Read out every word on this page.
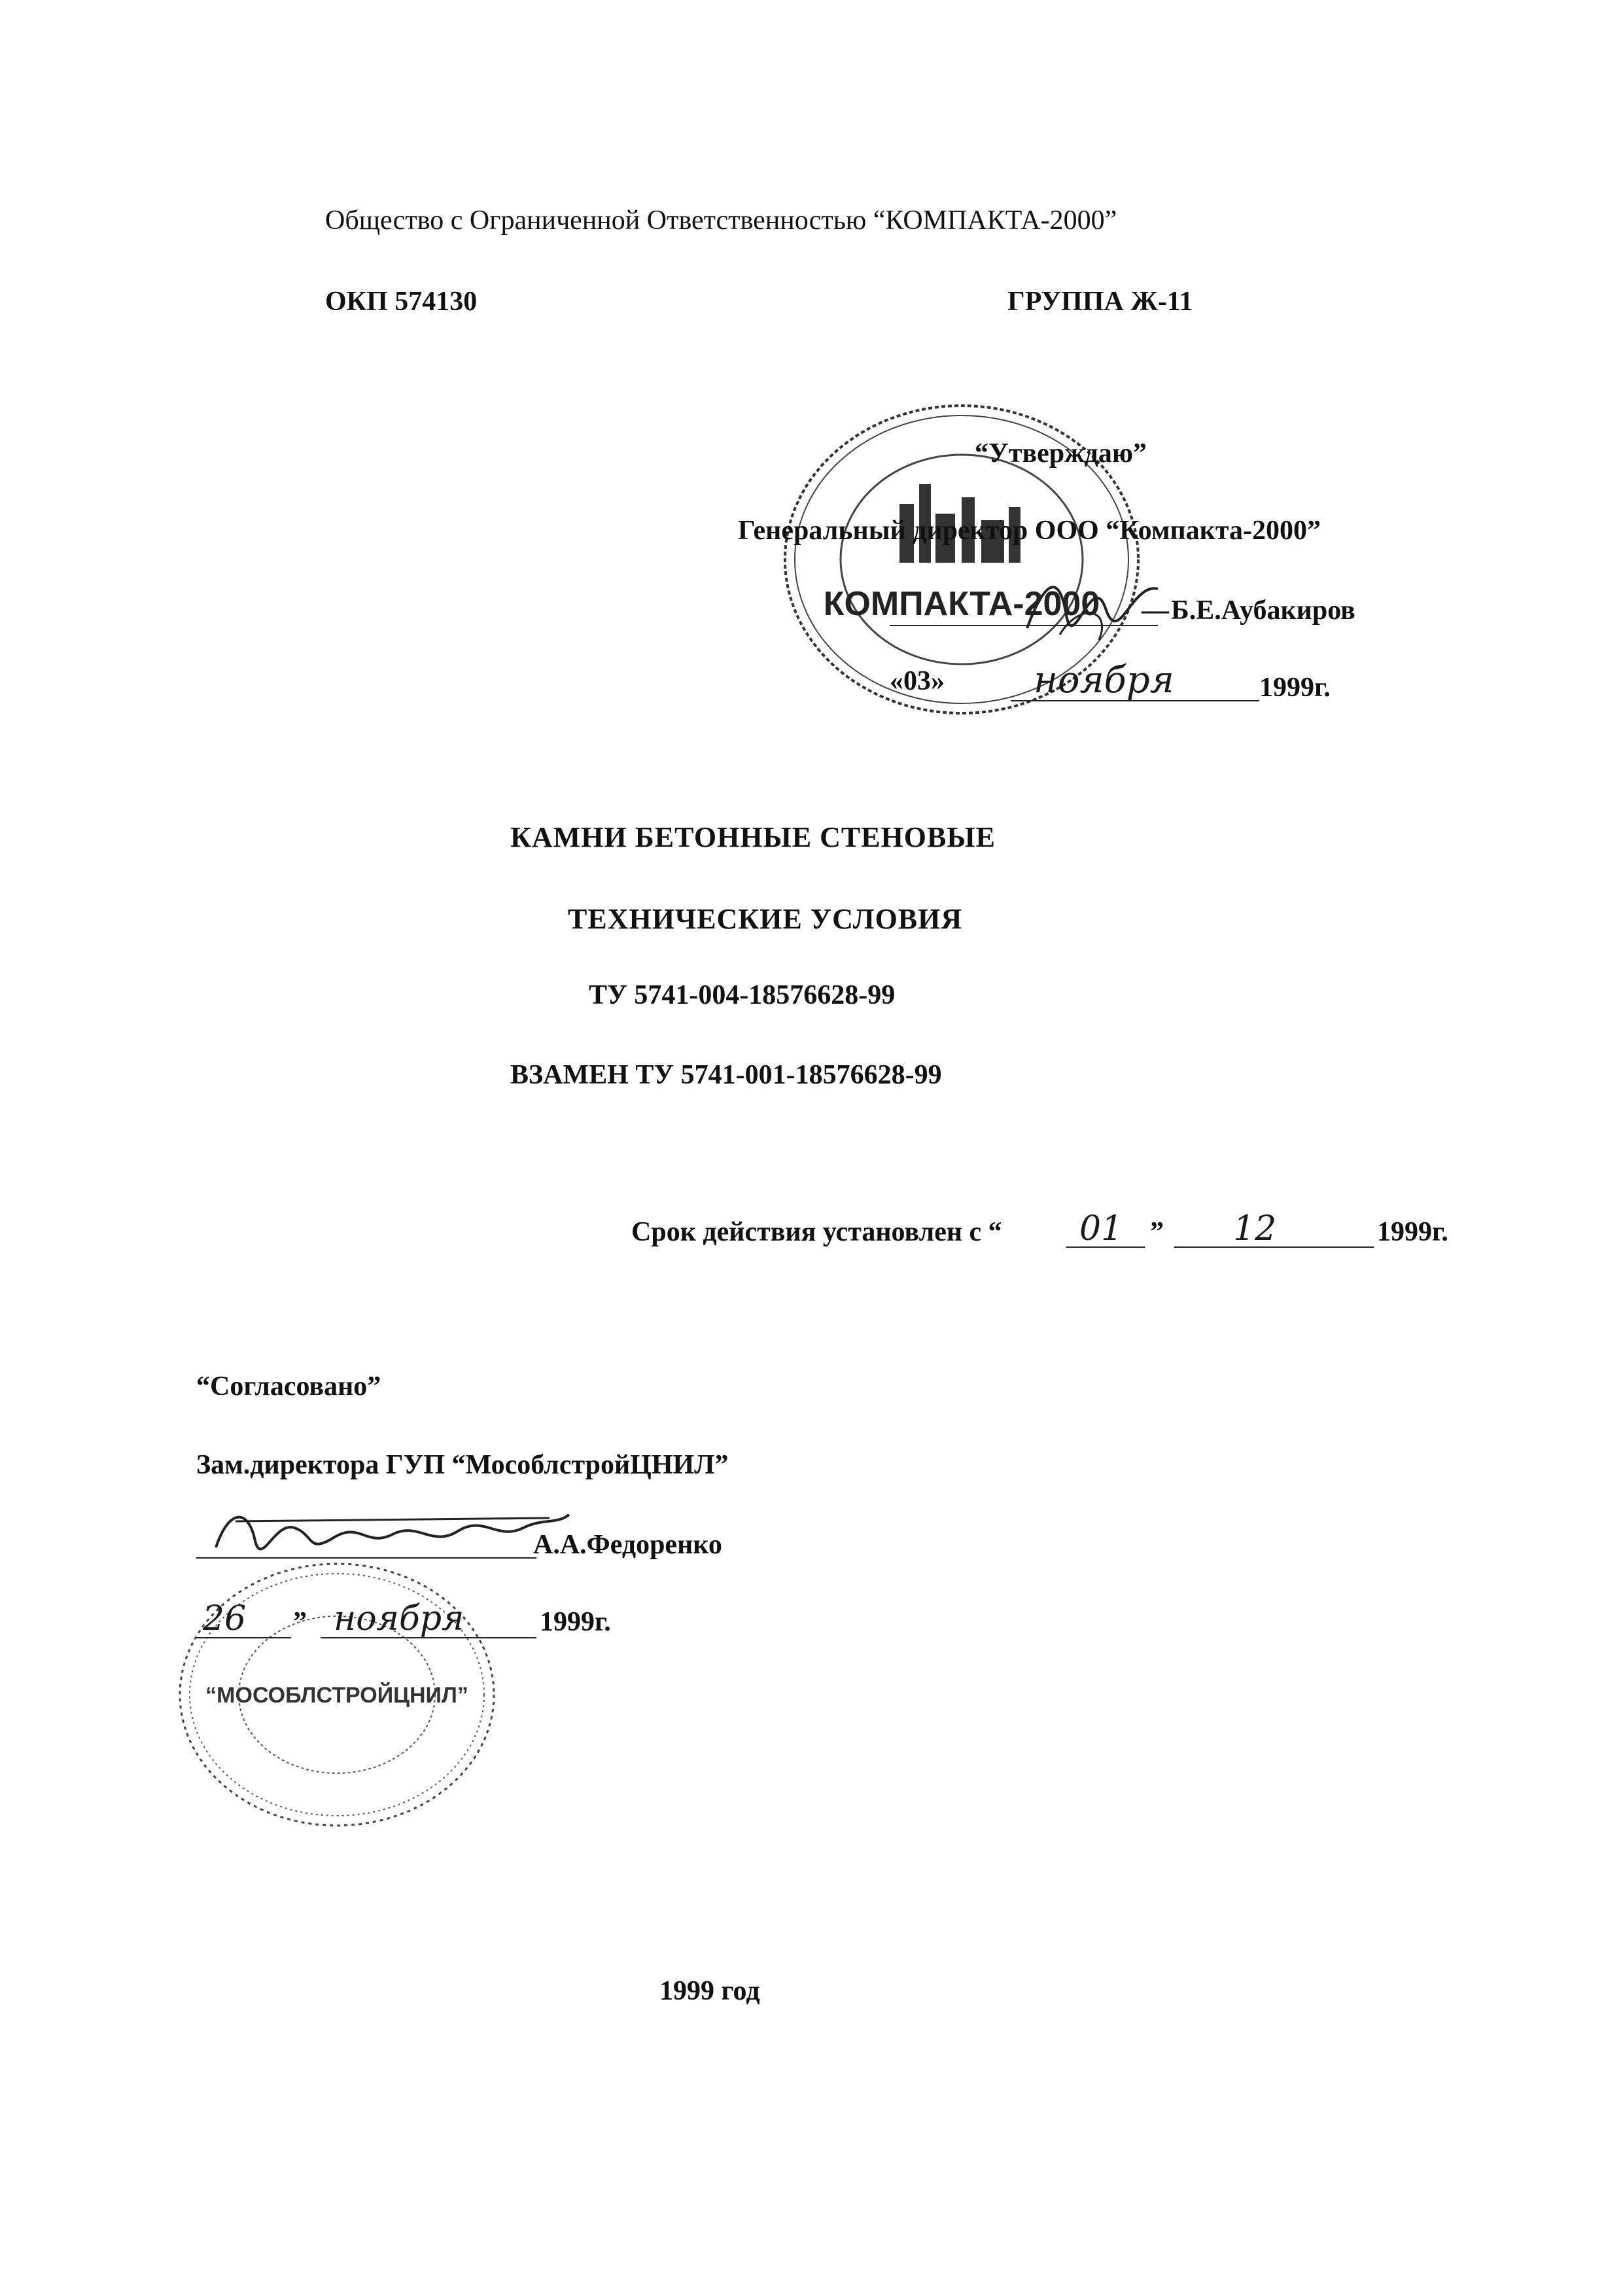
Общество с Ограниченной Ответственностью “КОМПАКТА-2000”
ОКП 574130	ГРУППА Ж-11
КОМПАКТА-2000
“Утверждаю”
Генеральный директор ООО “Компакта-2000”
— Б.Е.Аубакиров
«03» ноября	1999г.
КАМНИ БЕТОННЫЕ СТЕНОВЫЕ
ТЕХНИЧЕСКИЕ УСЛОВИЯ
ТУ 5741-004-18576628-99
ВЗАМЕН ТУ 5741-001-18576628-99
Срок действия установлен с “ 01 ” 12	1999г.
“Согласовано”
Зам.директора ГУП “МособлстройЦНИЛ”
А.А.Федоренко
“МОСОБЛСТРОЙЦНИЛ”
26 ” ноября	1999г.
1999 год
